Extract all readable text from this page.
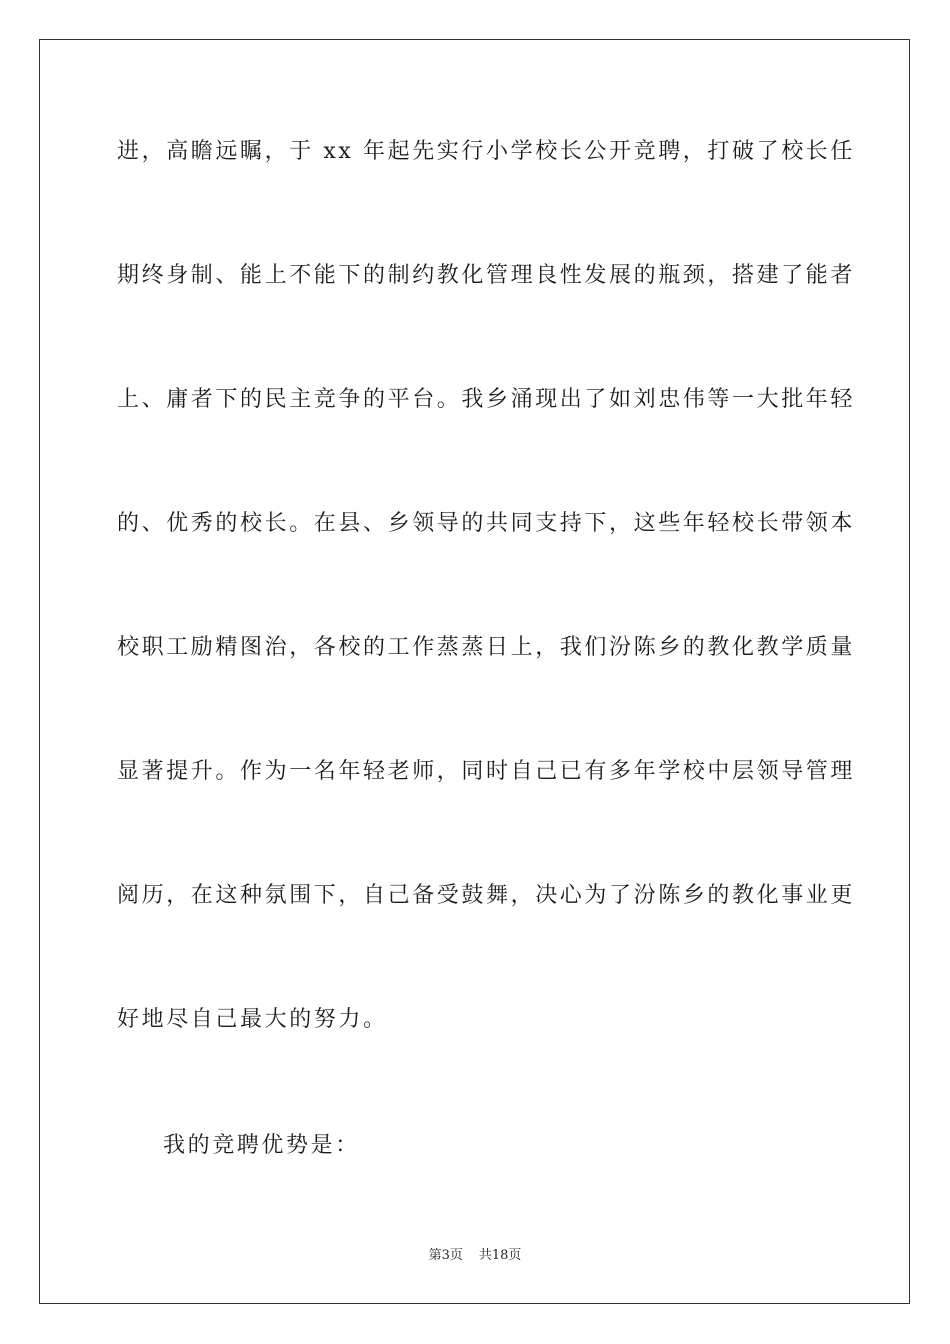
进，高瞻远瞩，于 xx 年起先实行小学校长公开竞聘，打破了校长任
期终身制、能上不能下的制约教化管理良性发展的瓶颈，搭建了能者
上、庸者下的民主竞争的平台。我乡涌现出了如刘忠伟等一大批年轻
的、优秀的校长。在县、乡领导的共同支持下，这些年轻校长带领本
校职工励精图治，各校的工作蒸蒸日上，我们汾陈乡的教化教学质量
显著提升。作为一名年轻老师，同时自己已有多年学校中层领导管理
阅历，在这种氛围下，自己备受鼓舞，决心为了汾陈乡的教化事业更
好地尽自己最大的努力。
我的竞聘优势是：
第3页 共18页
